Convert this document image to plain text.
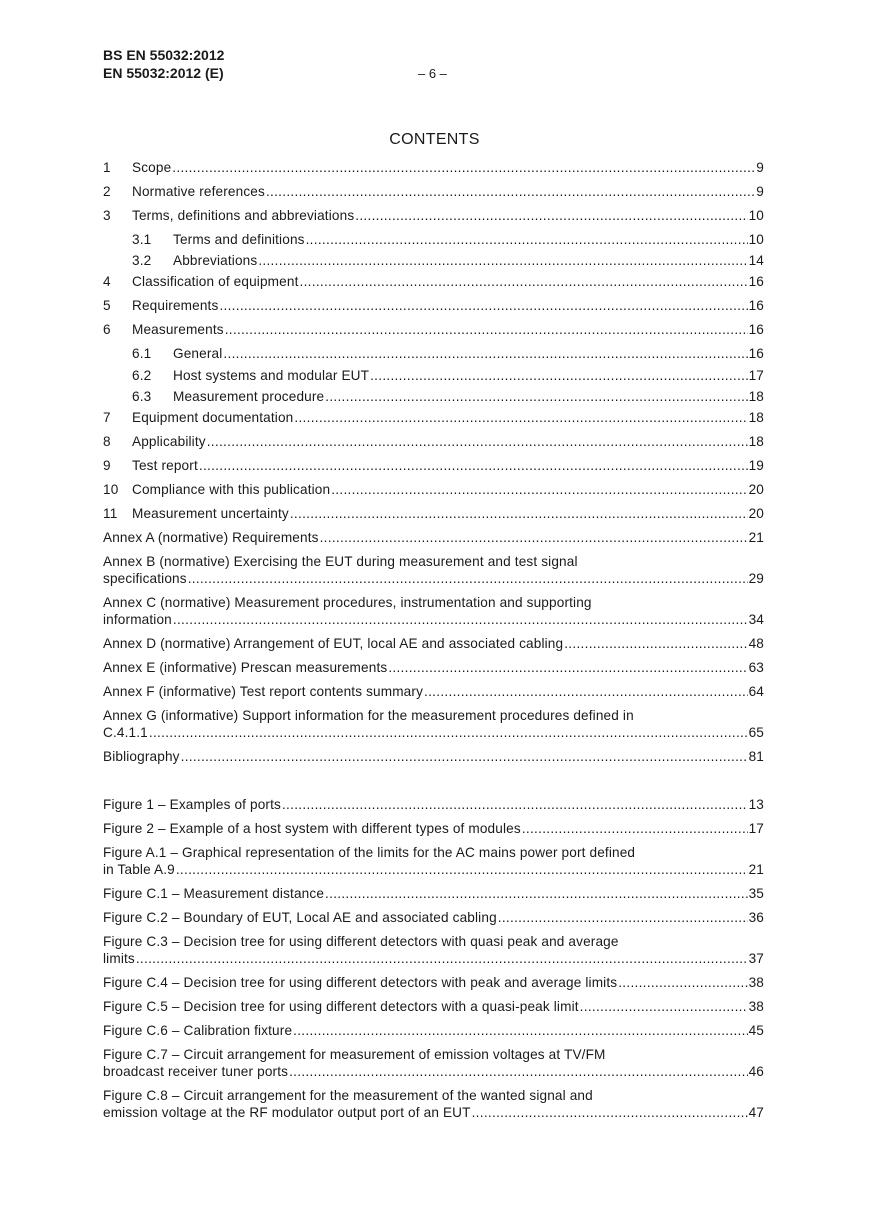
BS EN 55032:2012
EN 55032:2012 (E)	– 6 –
CONTENTS
1	Scope .....	9
2	Normative references .....	9
3	Terms, definitions and abbreviations .....	10
3.1	Terms and definitions .....	10
3.2	Abbreviations .....	14
4	Classification of equipment .....	16
5	Requirements .....	16
6	Measurements .....	16
6.1	General .....	16
6.2	Host systems and modular EUT .....	17
6.3	Measurement procedure .....	18
7	Equipment documentation .....	18
8	Applicability .....	18
9	Test report .....	19
10 Compliance with this publication .....	20
11	Measurement uncertainty .....	20
Annex A (normative) Requirements .....	21
Annex B (normative) Exercising the EUT during measurement and test signal
specifications .....	29
Annex C (normative) Measurement procedures, instrumentation and supporting
information .....	34
Annex D (normative) Arrangement of EUT, local AE and associated cabling .....	48
Annex E (informative) Prescan measurements .....	63
Annex F (informative) Test report contents summary .....	64
Annex G (informative) Support information for the measurement procedures defined in
C.4.1.1 .....	65
Bibliography .....	81
Figure 1 – Examples of ports .....	13
Figure 2 – Example of a host system with different types of modules .....	17
Figure A.1 – Graphical representation of the limits for the AC mains power port defined
in Table A.9 .....	21
Figure C.1 – Measurement distance .....	35
Figure C.2 – Boundary of EUT, Local AE and associated cabling .....	36
Figure C.3 – Decision tree for using different detectors with quasi peak and average
limits .....	37
Figure C.4 – Decision tree for using different detectors with peak and average limits .....	38
Figure C.5 – Decision tree for using different detectors with a quasi-peak limit .....	38
Figure C.6 – Calibration fixture .....	45
Figure C.7 – Circuit arrangement for measurement of emission voltages at TV/FM
broadcast receiver tuner ports .....	46
Figure C.8 – Circuit arrangement for the measurement of the wanted signal and
emission voltage at the RF modulator output port of an EUT .....	47
